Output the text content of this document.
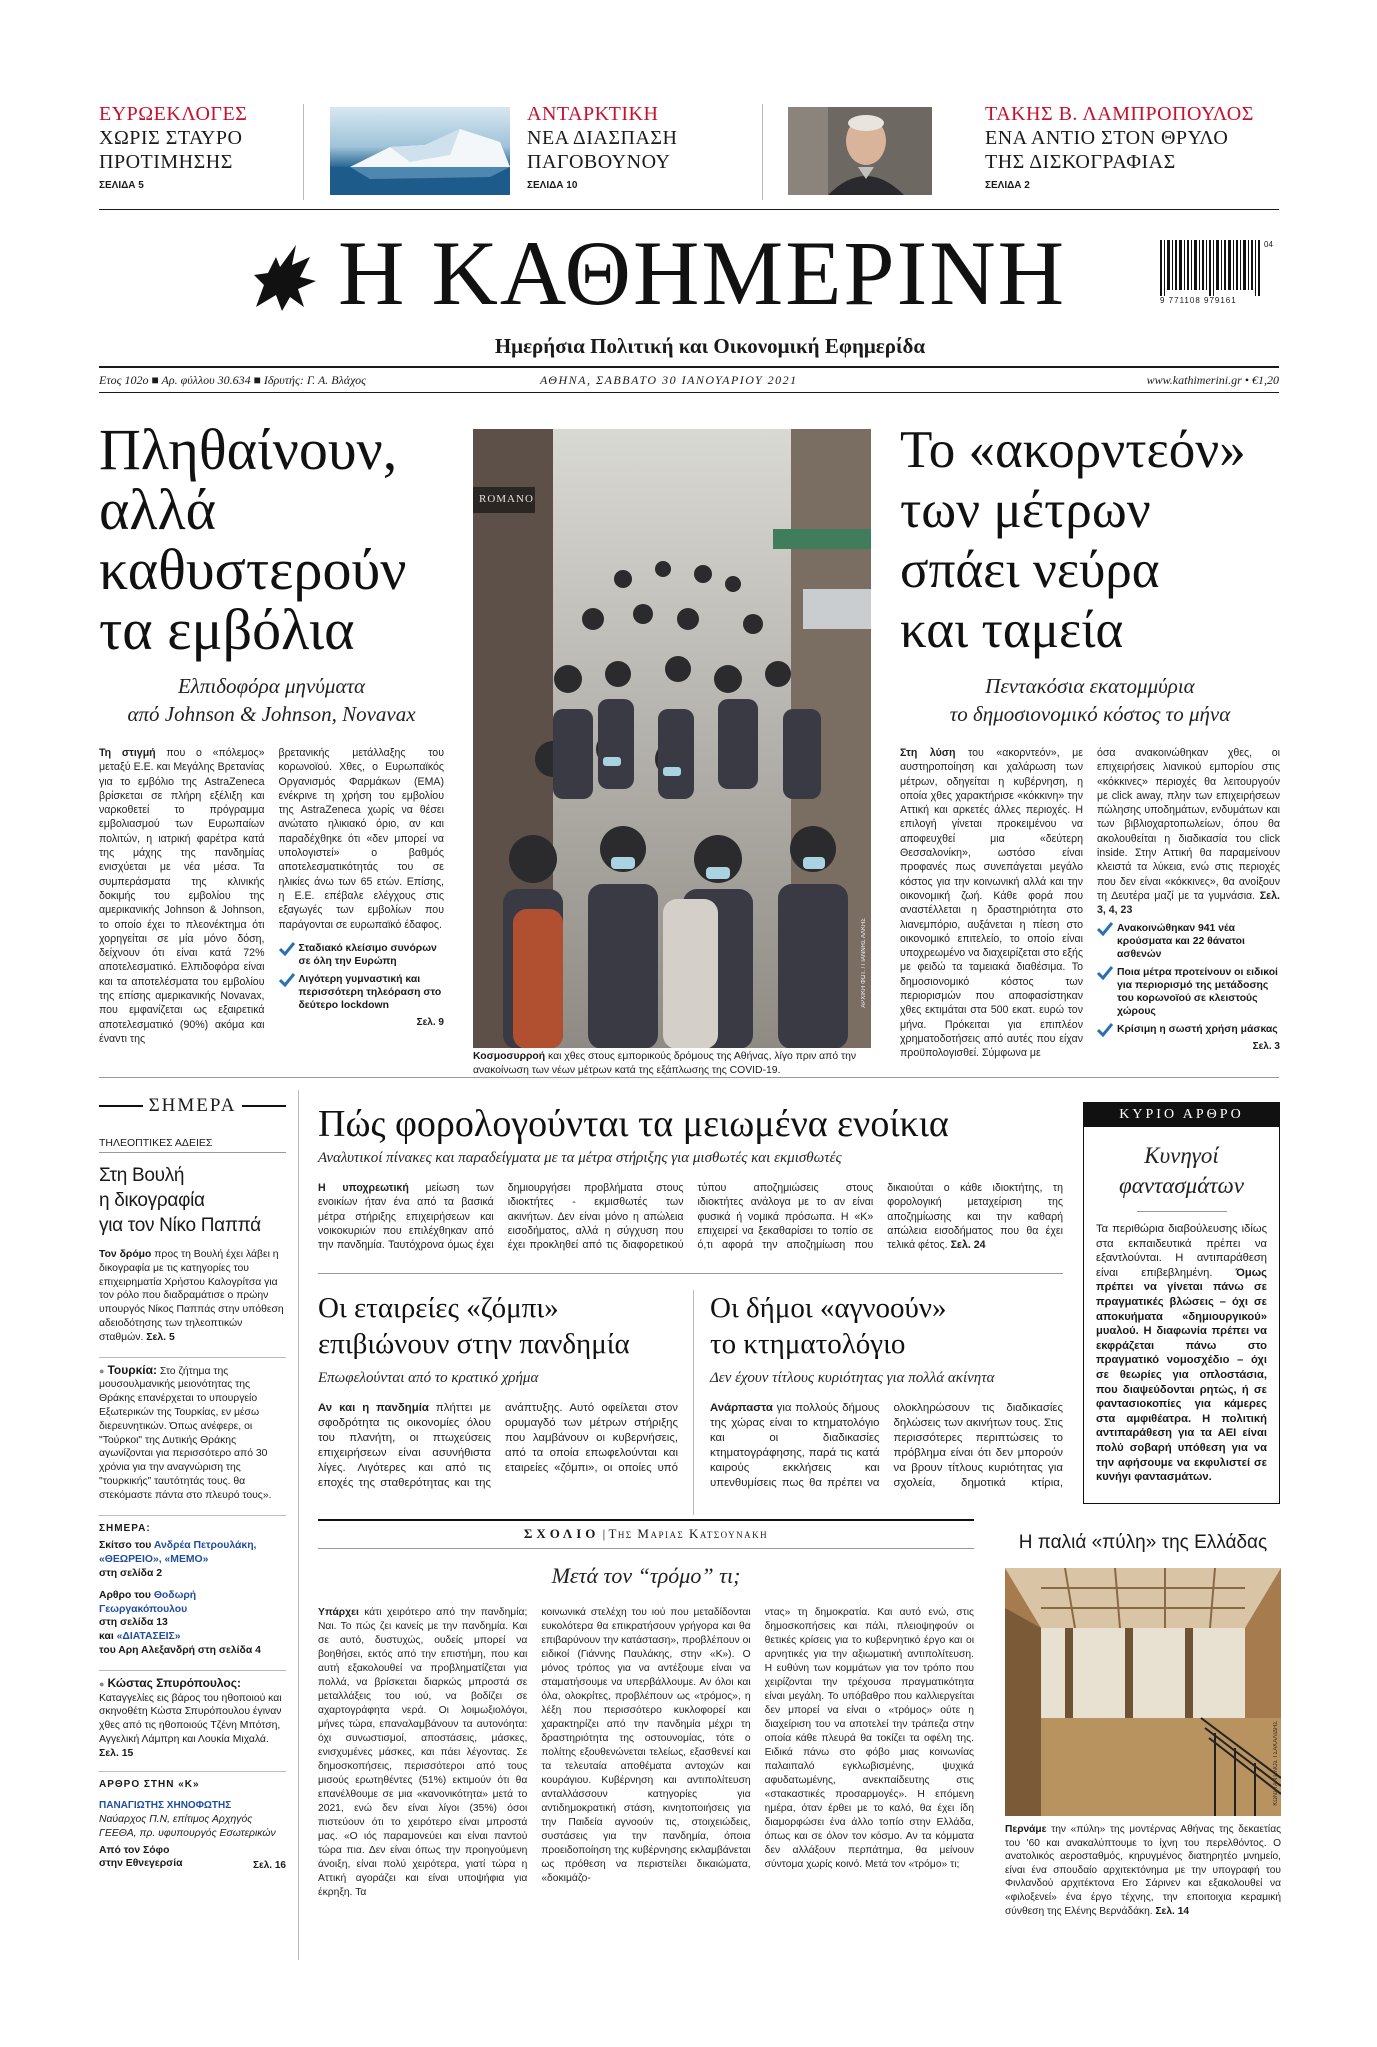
ΕΥΡΩΕΚΛΟΓΕΣ
ΧΩΡΙΣ ΣΤΑΥΡΟ
ΠΡΟΤΙΜΗΣΗΣ
ΣΕΛΙΔΑ 5
ΑΝΤΑΡΚΤΙΚΗ
ΝΕΑ ΔΙΑΣΠΑΣΗ
ΠΑΓΟΒΟΥΝΟΥ
ΣΕΛΙΔΑ 10
ΤΑΚΗΣ Β. ΛΑΜΠΡΟΠΟΥΛΟΣ
ΕΝΑ ΑΝΤΙΟ ΣΤΟΝ ΘΡΥΛΟ
ΤΗΣ ΔΙΣΚΟΓΡΑΦΙΑΣ
ΣΕΛΙΔΑ 2
Η ΚΑΘΗΜΕΡΙΝΗ
Ημερήσια Πολιτική και Οικονομική Εφημερίδα
04
9 771108 979161
Ετος 102ο ■ Αρ. φύλλου 30.634 ■ Ιδρυτής: Γ. Α. Βλάχος	ΑΘΗΝΑ, ΣΑΒΒΑΤΟ 30 ΙΑΝΟΥΑΡΙΟΥ 2021	www.kathimerini.gr • €1,20
Πληθαίνουν,
αλλά
καθυστερούν
τα εμβόλια
Ελπιδοφόρα μηνύματα
από Johnson & Johnson, Novavax
Τη στιγμή που ο «πόλεμος» μεταξύ Ε.Ε. και Μεγάλης Βρετανίας για το εμβόλιο της AstraZeneca βρίσκεται σε πλήρη εξέλιξη και ναρκοθετεί το πρόγραμμα εμβολιασμού των Ευρωπαίων πολιτών, η ιατρική φαρέτρα κατά της μάχης της πανδημίας ενισχύεται με νέα μέσα. Τα συμπεράσματα της κλινικής δοκιμής του εμβολίου της αμερικανικής Johnson & Johnson, το οποίο έχει το πλεονέκτημα ότι χορηγείται σε μία μόνο δόση, δείχνουν ότι είναι κατά 72% αποτελεσματικό. Ελπιδοφόρα είναι και τα αποτελέσματα του εμβολίου της επίσης αμερικανικής Novavax, που εμφανίζεται ως εξαιρετικά αποτελεσματικό (90%) ακόμα και έναντι της
βρετανικής μετάλλαξης του κορωνοϊού. Χθες, ο Ευρωπαϊκός Οργανισμός Φαρμάκων (EMA) ενέκρινε τη χρήση του εμβολίου της AstraZeneca χωρίς να θέσει ανώτατο ηλικιακό όριο, αν και παραδέχθηκε ότι «δεν μπορεί να υπολογιστεί» ο βαθμός αποτελεσματικότητάς του σε ηλικίες άνω των 65 ετών. Επίσης, η Ε.Ε. επέβαλε ελέγχους στις εξαγωγές των εμβολίων που παράγονται σε ευρωπαϊκό έδαφος.
Σταδιακό κλείσιμο συνόρων σε όλη την Ευρώπη
Λιγότερη γυμναστική και περισσότερη τηλεόραση στο δεύτερο lockdown
Σελ. 9
ROMANO
ΑΡΧΙΚΗ ΦΩΤ. / ΓΙΑΝΝΗΣ ΑΛΚΗΣ
Κοσμοσυρροή και χθες στους εμπορικούς δρόμους της Αθήνας, λίγο πριν από την ανακοίνωση των νέων μέτρων κατά της εξάπλωσης της COVID-19.
Το «ακορντεόν»
των μέτρων
σπάει νεύρα
και ταμεία
Πεντακόσια εκατομμύρια
το δημοσιονομικό κόστος το μήνα
Στη λύση του «ακορντεόν», με αυστηροποίηση και χαλάρωση των μέτρων, οδηγείται η κυβέρνηση, η οποία χθες χαρακτήρισε «κόκκινη» την Αττική και αρκετές άλλες περιοχές. Η επιλογή γίνεται προκειμένου να αποφευχθεί μια «δεύτερη Θεσσαλονίκη», ωστόσο είναι προφανές πως συνεπάγεται μεγάλο κόστος για την κοινωνική αλλά και την οικονομική ζωή. Κάθε φορά που αναστέλλεται η δραστηριότητα στο λιανεμπόριο, αυξάνεται η πίεση στο οικονομικό επιτελείο, το οποίο είναι υποχρεωμένο να διαχειρίζεται στο εξής με φειδώ τα ταμειακά διαθέσιμα. Το δημοσιονομικό κόστος των περιορισμών που αποφασίστηκαν χθες εκτιμάται στα 500 εκατ. ευρώ τον μήνα. Πρόκειται για επιπλέον χρηματοδοτήσεις από αυτές που είχαν προϋπολογισθεί. Σύμφωνα με
όσα ανακοινώθηκαν χθες, οι επιχειρήσεις λιανικού εμπορίου στις «κόκκινες» περιοχές θα λειτουργούν με click away, πλην των επιχειρήσεων πώλησης υποδημάτων, ενδυμάτων και των βιβλιοχαρτοπωλείων, όπου θα ακολουθείται η διαδικασία του click inside. Στην Αττική θα παραμείνουν κλειστά τα λύκεια, ενώ στις περιοχές που δεν είναι «κόκκινες», θα ανοίξουν τη Δευτέρα μαζί με τα γυμνάσια. Σελ. 3, 4, 23
Ανακοινώθηκαν 941 νέα κρούσματα και 22 θάνατοι ασθενών
Ποια μέτρα προτείνουν οι ειδικοί για περιορισμό της μετάδοσης του κορωνοϊού σε κλειστούς χώρους
Κρίσιμη η σωστή χρήση μάσκας
Σελ. 3
ΣΗΜΕΡΑ
ΤΗΛΕΟΠΤΙΚΕΣ ΑΔΕΙΕΣ
Στη Βουλή
η δικογραφία
για τον Νίκο Παππά
Τον δρόμο προς τη Βουλή έχει λάβει η δικογραφία με τις κατηγορίες του επιχειρηματία Χρήστου Καλογρίτσα για τον ρόλο που διαδραμάτισε ο πρώην υπουργός Νίκος Παππάς στην υπόθεση αδειοδότησης των τηλεοπτικών σταθμών. Σελ. 5
● Τουρκία: Στο ζήτημα της μουσουλμανικής μειονότητας της Θράκης επανέρχεται το υπουργείο Εξωτερικών της Τουρκίας, εν μέσω διερευνητικών. Όπως ανέφερε, οι "Τούρκοι" της Δυτικής Θράκης αγωνίζονται για περισσότερο από 30 χρόνια για την αναγνώριση της "τουρκικής" ταυτότητάς τους. θα στεκόμαστε πάντα στο πλευρό τους».
ΣΗΜΕΡΑ:
Σκίτσο του Ανδρέα Πετρουλάκη, «ΘΕΩΡΕΙΟ», «ΜΕΜΟ»
στη σελίδα 2
Αρθρο του Θοδωρή Γεωργακόπουλου
στη σελίδα 13
και «ΔΙΑΤΑΣΕΙΣ»
του Αρη Αλεξανδρή στη σελίδα 4
● Κώστας Σπυρόπουλος: Καταγγελίες εις βάρος του ηθοποιού και σκηνοθέτη Κώστα Σπυρόπουλου έγιναν χθες από τις ηθοποιούς Τζένη Μπότση, Αγγελική Λάμπρη και Λουκία Μιχαλά. Σελ. 15
ΑΡΘΡΟ ΣΤΗΝ «Κ»
ΠΑΝΑΓΙΩΤΗΣ ΧΗΝΟΦΩΤΗΣ
Ναύαρχος Π.Ν, επίτιμος Αρχηγός
ΓΕΕΘΑ, πρ. υφυπουργός Εσωτερικών
Από τον Σόφο
στην Εθνεγερσία	Σελ. 16
Πώς φορολογούνται τα μειωμένα ενοίκια
Αναλυτικοί πίνακες και παραδείγματα με τα μέτρα στήριξης για μισθωτές και εκμισθωτές
Η υποχρεωτική μείωση των ενοικίων ήταν ένα από τα βασικά μέτρα στήριξης επιχειρήσεων και νοικοκυριών που επιλέχθηκαν από την πανδημία. Ταυτόχρονα όμως έχει δημιουργήσει προβλήματα στους ιδιοκτήτες - εκμισθωτές των ακινήτων. Δεν είναι μόνο η απώλεια εισοδήματος, αλλά η σύγχυση που έχει προκληθεί από τις διαφορετικού τύπου αποζημιώσεις στους ιδιοκτήτες ανάλογα με το αν είναι φυσικά ή νομικά πρόσωπα. Η «Κ» επιχειρεί να ξεκαθαρίσει το τοπίο σε ό,τι αφορά την αποζημίωση που δικαιούται ο κάθε ιδιοκτήτης, τη φορολογική μεταχείριση της αποζημίωσης και την καθαρή απώλεια εισοδήματος που θα έχει τελικά φέτος. Σελ. 24
Οι εταιρείες «ζόμπι»
επιβιώνουν στην πανδημία
Επωφελούνται από το κρατικό χρήμα
Αν και η πανδημία πλήττει με σφοδρότητα τις οικονομίες όλου του πλανήτη, οι πτωχεύσεις επιχειρήσεων είναι ασυνήθιστα λίγες. Λιγότερες και από τις εποχές της σταθερότητας και της ανάπτυξης. Αυτό οφείλεται στον ορυμαγδό των μέτρων στήριξης που λαμβάνουν οι κυβερνήσεις, από τα οποία επωφελούνται και εταιρείες «ζόμπι», οι οποίες υπό
Οι δήμοι «αγνοούν»
το κτηματολόγιο
Δεν έχουν τίτλους κυριότητας για πολλά ακίνητα
Ανάρπαστα για πολλούς δήμους της χώρας είναι το κτηματολόγιο και οι διαδικασίες κτηματογράφησης, παρά τις κατά καιρούς εκκλήσεις και υπενθυμίσεις πως θα πρέπει να ολοκληρώσουν τις διαδικασίες δηλώσεις των ακινήτων τους. Στις περισσότερες περιπτώσεις το πρόβλημα είναι ότι δεν μπορούν να βρουν τίτλους κυριότητας για σχολεία, δημοτικά κτίρια,
ΚΥΡΙΟ ΑΡΘΡΟ
Κυνηγοί
φαντασμάτων
Τα περιθώρια διαβούλευσης ιδίως στα εκπαιδευτικά πρέπει να εξαντλούνται. Η αντιπαράθεση είναι επιβεβλημένη. Όμως πρέπει να γίνεται πάνω σε πραγματικές βλώσεις – όχι σε αποκυήματα «δημιουργικού» μυαλού. Η διαφωνία πρέπει να εκφράζεται πάνω στο πραγματικό νομοσχέδιο – όχι σε θεωρίες για οπλοστάσια, που διαψεύδονται ρητώς, ή σε φαντασιοκοπίες για κάμερες στα αμφιθέατρα. Η πολιτική αντιπαράθεση για τα ΑΕΙ είναι πολύ σοβαρή υπόθεση για να την αφήσουμε να εκφυλιστεί σε κυνήγι φαντασμάτων.
ΣΧΟΛΙΟ | Της Μαριας Κατσουνακη
Μετά τον “τρόμο” τι;
Υπάρχει κάτι χειρότερο από την πανδημία; Ναι. Το πώς ζει κανείς με την πανδημία. Και σε αυτό, δυστυχώς, ουδείς μπορεί να βοηθήσει, εκτός από την επιστήμη, που και αυτή εξακολουθεί να προβληματίζεται για πολλά, να βρίσκεται διαρκώς μπροστά σε μεταλλάξεις του ιού, να βοδίζει σε αχαρτογράφητα νερά. Οι λοιμωξιολόγοι, μήνες τώρα, επαναλαμβάνουν τα αυτονόητα: όχι συνωστισμοί, αποστάσεις, μάσκες, ενισχυμένες μάσκες, και πάει λέγοντας. Σε δημοσκοπήσεις, περισσότεροι από τους μισούς ερωτηθέντες (51%) εκτιμούν ότι θα επανέλθουμε σε μια «κανονικότητα» μετά το 2021, ενώ δεν είναι λίγοι (35%) όσοι πιστεύουν ότι το χειρότερο είναι μπροστά μας. «Ο ιός παραμονεύει και είναι παντού τώρα πια. Δεν είναι όπως την προηγούμενη άνοιξη, είναι πολύ χειρότερα, γιατί τώρα η Αττική αγοράζει και είναι υποψήφια για έκρηξη. Τα
κοινωνικά στελέχη του ιού που μεταδίδονται ευκολότερα θα επικρατήσουν γρήγορα και θα επιβαρύνουν την κατάσταση», προβλέπουν οι ειδικοί (Γιάννης Παυλάκης, στην «Κ»). Ο μόνος τρόπος για να αντέξουμε είναι να σταματήσουμε να υπερβάλλουμε. Αν όλοι και όλα, ολοκρίτες, προβλέπουν ως «τρόμος», η λέξη που περισσότερο κυκλοφορεί και χαρακτηρίζει από την πανδημία μέχρι τη δραστηριότητα της οστουνομίας, τότε ο πολίτης εξουθενώνεται τελείως, εξασθενεί και τα τελευταία αποθέματα αντοχών και κουράγιου. Κυβέρνηση και αντιπολίτευση ανταλλάσσουν κατηγορίες για αντιδημοκρατική στάση, κινητοποιήσεις για την Παιδεία αγνοούν τις, στοιχειώδεις, συστάσεις για την πανδημία, όποια προειδοποίηση της κυβέρνησης εκλαμβάνεται ως πρόθεση να περιστείλει δικαιώματα, «δοκιμάζο-
ντας» τη δημοκρατία. Και αυτό ενώ, στις δημοσκοπήσεις και πάλι, πλειοψηφούν οι θετικές κρίσεις για το κυβερνητικό έργο και οι αρνητικές για την αξιωματική αντιπολίτευση. Η ευθύνη των κομμάτων για τον τρόπο που χειρίζονται την τρέχουσα πραγματικότητα είναι μεγάλη. Το υπόβαθρο που καλλιεργείται δεν μπορεί να είναι ο «τρόμος» ούτε η διαχείριση του να αποτελεί την τράπεζα στην οποία κάθε πλευρά θα τοκίζει τα οφέλη της. Ειδικά πάνω στο φόβο μιας κοινωνίας παλαιπαλό εγκλωβισμένης, ψυχικά αφυδατωμένης, ανεκπαίδευτης στις «στακαστικές προσαρμογές». Η επόμενη ημέρα, όταν έρθει με το καλό, θα έχει ίδη διαμορφώσει ένα άλλο τοπίο στην Ελλάδα, όπως και σε όλον τον κόσμο. Αν τα κόμματα δεν αλλάξουν περπάτημα, θα μείνουν σύντομα χωρίς κοινό. Μετά τον «τρόμο» τι;
Η παλιά «πύλη» της Ελλάδας
ΚΩΝΣΤΑΝΤΙΝΟΣ ΤΣΑΚΑΛΙΔΗΣ
Περνάμε την «πύλη» της μοντέρνας Αθήνας της δεκαετίας του '60 και ανακαλύπτουμε το ίχνη του περελθόντος. Ο ανατολικός αεροσταθμός, κηρυγμένος διατηρητέο μνημείο, είναι ένα σπουδαίο αρχιτεκτόνημα με την υπογραφή του Φινλανδού αρχιτέκτονα Ero Σάρινεν και εξακολουθεί να «φιλοξενεί» ένα έργο τέχνης, την εποιτοιχια κεραμική σύνθεση της Ελένης Βερνάδάκη. Σελ. 14
